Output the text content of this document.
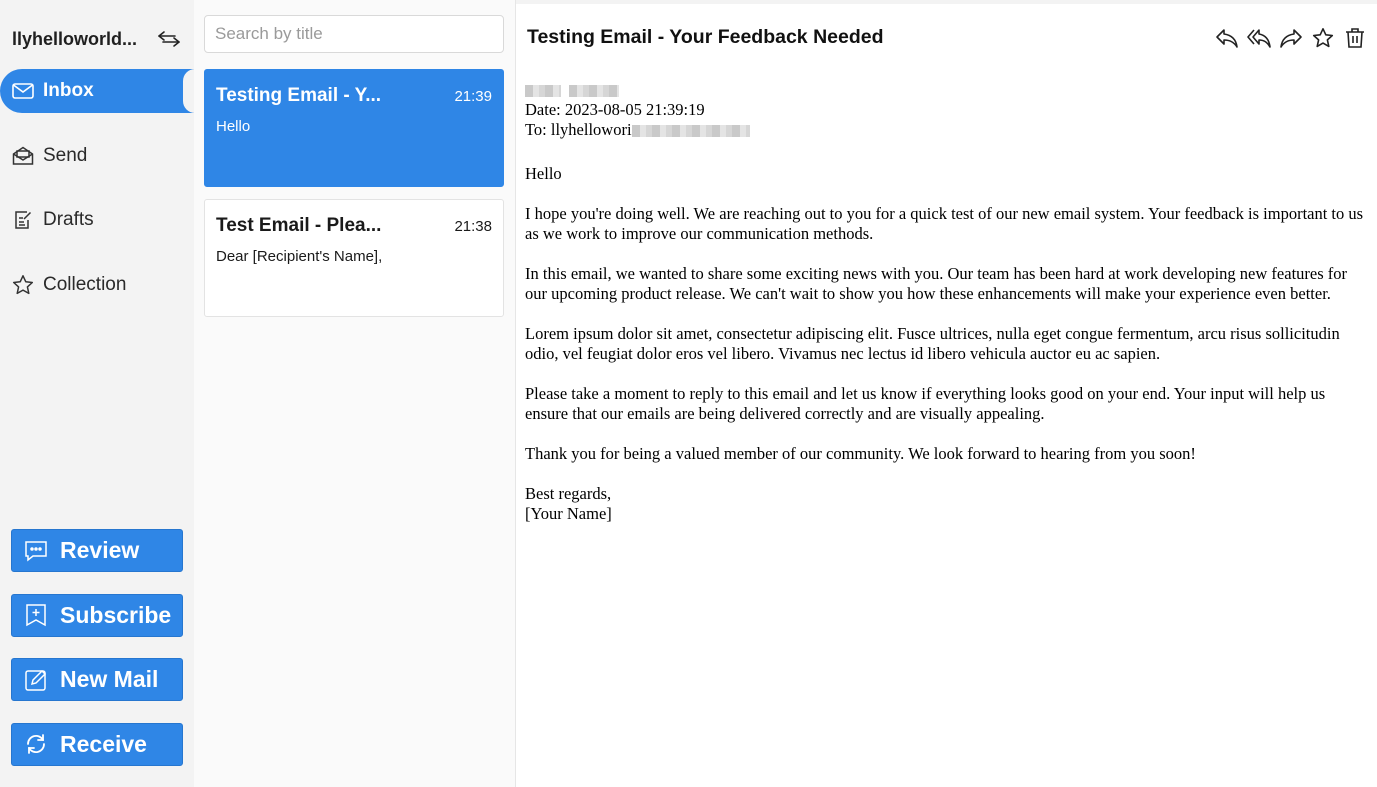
llyhelloworld...
Inbox
Send
Drafts
Collection
Review
Subscribe
New Mail
Receive
Search by title
Testing Email - Y...	21:39
Hello
Test Email - Plea...	21:38
Dear [Recipient's Name],
Testing Email - Your Feedback Needed

Date: 2023-08-05 21:39:19
To: llyhellowori

Hello

I hope you're doing well. We are reaching out to you for a quick test of our new email system. Your feedback is important to us as we work to improve our communication methods.

In this email, we wanted to share some exciting news with you. Our team has been hard at work developing new features for our upcoming product release. We can't wait to show you how these enhancements will make your experience even better.

Lorem ipsum dolor sit amet, consectetur adipiscing elit. Fusce ultrices, nulla eget congue fermentum, arcu risus sollicitudin odio, vel feugiat dolor eros vel libero. Vivamus nec lectus id libero vehicula auctor eu ac sapien.

Please take a moment to reply to this email and let us know if everything looks good on your end. Your input will help us ensure that our emails are being delivered correctly and are visually appealing.

Thank you for being a valued member of our community. We look forward to hearing from you soon!

Best regards,
[Your Name]
